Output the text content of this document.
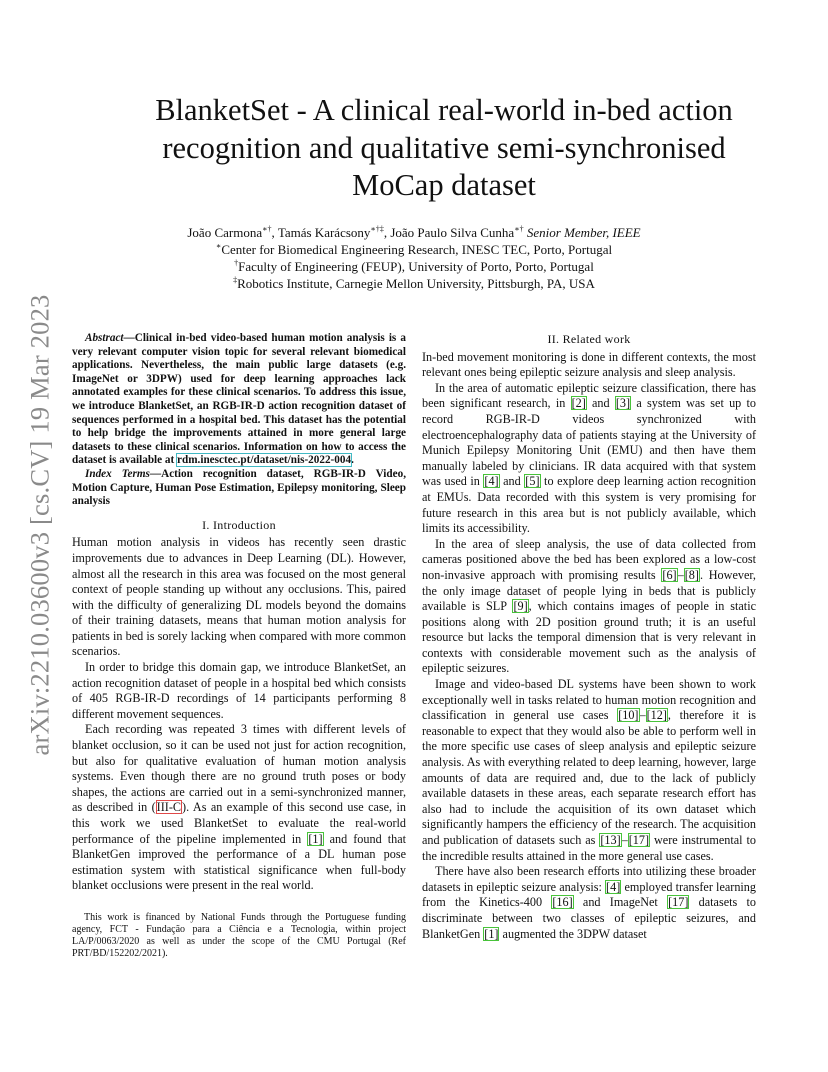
arXiv:2210.03600v3 [cs.CV] 19 Mar 2023
BlanketSet - A clinical real-world in-bed action
recognition and qualitative semi-synchronised
MoCap dataset
João Carmona∗†, Tamás Karácsony∗†‡, João Paulo Silva Cunha∗† Senior Member, IEEE
∗Center for Biomedical Engineering Research, INESC TEC, Porto, Portugal
†Faculty of Engineering (FEUP), University of Porto, Porto, Portugal
‡Robotics Institute, Carnegie Mellon University, Pittsburgh, PA, USA

Abstract—Clinical in-bed video-based human motion analysis is a very relevant computer vision topic for several relevant biomedical applications. Nevertheless, the main public large datasets (e.g. ImageNet or 3DPW) used for deep learning approaches lack annotated examples for these clinical scenarios. To address this issue, we introduce BlanketSet, an RGB-IR-D action recognition dataset of sequences performed in a hospital bed. This dataset has the potential to help bridge the improvements attained in more general large datasets to these clinical scenarios. Information on how to access the dataset is available at rdm.inesctec.pt/dataset/nis-2022-004.

Index Terms—Action recognition dataset, RGB-IR-D Video, Motion Capture, Human Pose Estimation, Epilepsy monitoring, Sleep analysis

I. Introduction

Human motion analysis in videos has recently seen drastic improvements due to advances in Deep Learning (DL). However, almost all the research in this area was focused on the most general context of people standing up without any occlusions. This, paired with the difficulty of generalizing DL models beyond the domains of their training datasets, means that human motion analysis for patients in bed is sorely lacking when compared with more common scenarios.

In order to bridge this domain gap, we introduce BlanketSet, an action recognition dataset of people in a hospital bed which consists of 405 RGB-IR-D recordings of 14 participants performing 8 different movement sequences.

Each recording was repeated 3 times with different levels of blanket occlusion, so it can be used not just for action recognition, but also for qualitative evaluation of human motion analysis systems. Even though there are no ground truth poses or body shapes, the actions are carried out in a semi-synchronized manner, as described in (III-C). As an example of this second use case, in this work we used BlanketSet to evaluate the real-world performance of the pipeline implemented in [1] and found that BlanketGen improved the performance of a DL human pose estimation system with statistical significance when full-body blanket occlusions were present in the real world.

This work is financed by National Funds through the Portuguese funding agency, FCT - Fundação para a Ciência e a Tecnologia, within project LA/P/0063/2020 as well as under the scope of the CMU Portugal (Ref PRT/BD/152202/2021).

II. Related work

In-bed movement monitoring is done in different contexts, the most relevant ones being epileptic seizure analysis and sleep analysis.

In the area of automatic epileptic seizure classification, there has been significant research, in [2] and [3] a system was set up to record RGB-IR-D videos synchronized with electroencephalography data of patients staying at the University of Munich Epilepsy Monitoring Unit (EMU) and then have them manually labeled by clinicians. IR data acquired with that system was used in [4] and [5] to explore deep learning action recognition at EMUs. Data recorded with this system is very promising for future research in this area but is not publicly available, which limits its accessibility.

In the area of sleep analysis, the use of data collected from cameras positioned above the bed has been explored as a low-cost non-invasive approach with promising results [6]–[8]. However, the only image dataset of people lying in beds that is publicly available is SLP [9], which contains images of people in static positions along with 2D position ground truth; it is an useful resource but lacks the temporal dimension that is very relevant in contexts with considerable movement such as the analysis of epileptic seizures.

Image and video-based DL systems have been shown to work exceptionally well in tasks related to human motion recognition and classification in general use cases [10]–[12], therefore it is reasonable to expect that they would also be able to perform well in the more specific use cases of sleep analysis and epileptic seizure analysis. As with everything related to deep learning, however, large amounts of data are required and, due to the lack of publicly available datasets in these areas, each separate research effort has also had to include the acquisition of its own dataset which significantly hampers the efficiency of the research. The acquisition and publication of datasets such as [13]–[17] were instrumental to the incredible results attained in the more general use cases.

There have also been research efforts into utilizing these broader datasets in epileptic seizure analysis: [4] employed transfer learning from the Kinetics-400 [16] and ImageNet [17] datasets to discriminate between two classes of epileptic seizures, and BlanketGen [1] augmented the 3DPW dataset
